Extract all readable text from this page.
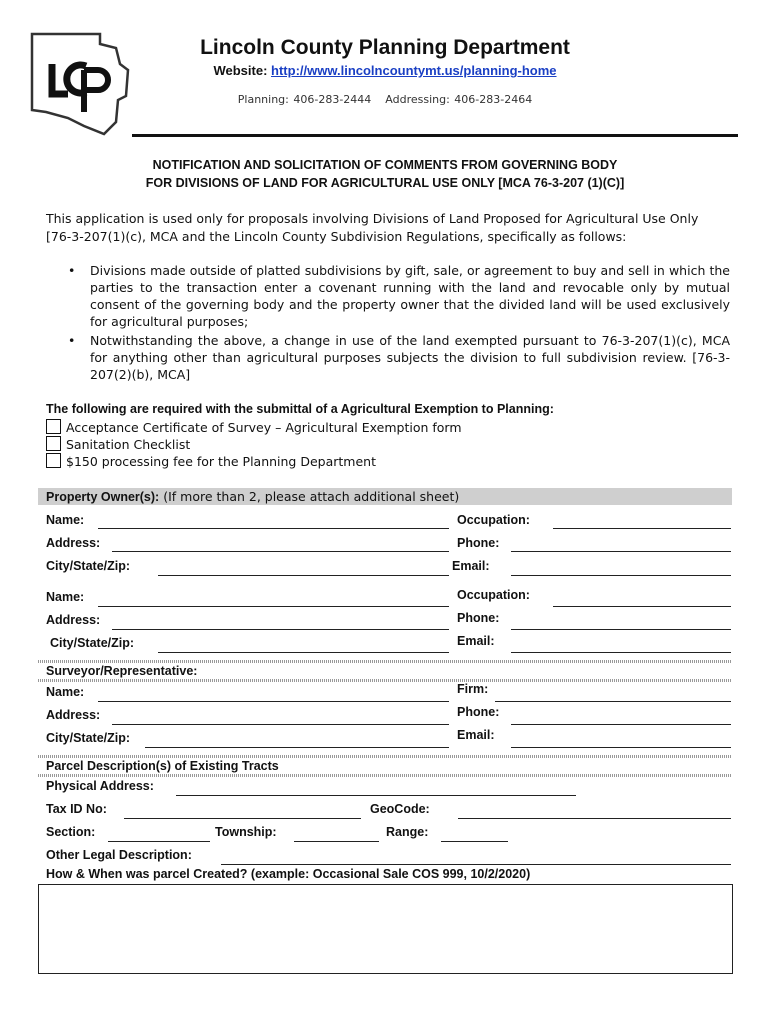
Lincoln County Planning Department
Website: http://www.lincolncountymt.us/planning-home
Planning: 406-283-2444 Addressing: 406-283-2464
NOTIFICATION AND SOLICITATION OF COMMENTS FROM GOVERNING BODY
FOR DIVISIONS OF LAND FOR AGRICULTURAL USE ONLY [MCA 76-3-207 (1)(C)]
This application is used only for proposals involving Divisions of Land Proposed for Agricultural Use Only
[76-3-207(1)(c), MCA and the Lincoln County Subdivision Regulations, specifically as follows:
• Divisions made outside of platted subdivisions by gift, sale, or agreement to buy and sell in which the parties to the transaction enter a covenant running with the land and revocable only by mutual consent of the governing body and the property owner that the divided land will be used exclusively for agricultural purposes;
• Notwithstanding the above, a change in use of the land exempted pursuant to 76-3-207(1)(c), MCA for anything other than agricultural purposes subjects the division to full subdivision review. [76-3-207(2)(b), MCA]
The following are required with the submittal of a Agricultural Exemption to Planning:
Acceptance Certificate of Survey – Agricultural Exemption form
Sanitation Checklist
$150 processing fee for the Planning Department
Property Owner(s): (If more than 2, please attach additional sheet)
Name:	Occupation:
Address:	Phone:
City/State/Zip:	Email:
Name:	Occupation:
Address:	Phone:
City/State/Zip:	Email:
Surveyor/Representative:
Name:	Firm:
Address:	Phone:
City/State/Zip:	Email:
Parcel Description(s) of Existing Tracts
Physical Address:
Tax ID No:	GeoCode:
Section:	Township:	Range:
Other Legal Description:
How & When was parcel Created? (example: Occasional Sale COS 999, 10/2/2020)
